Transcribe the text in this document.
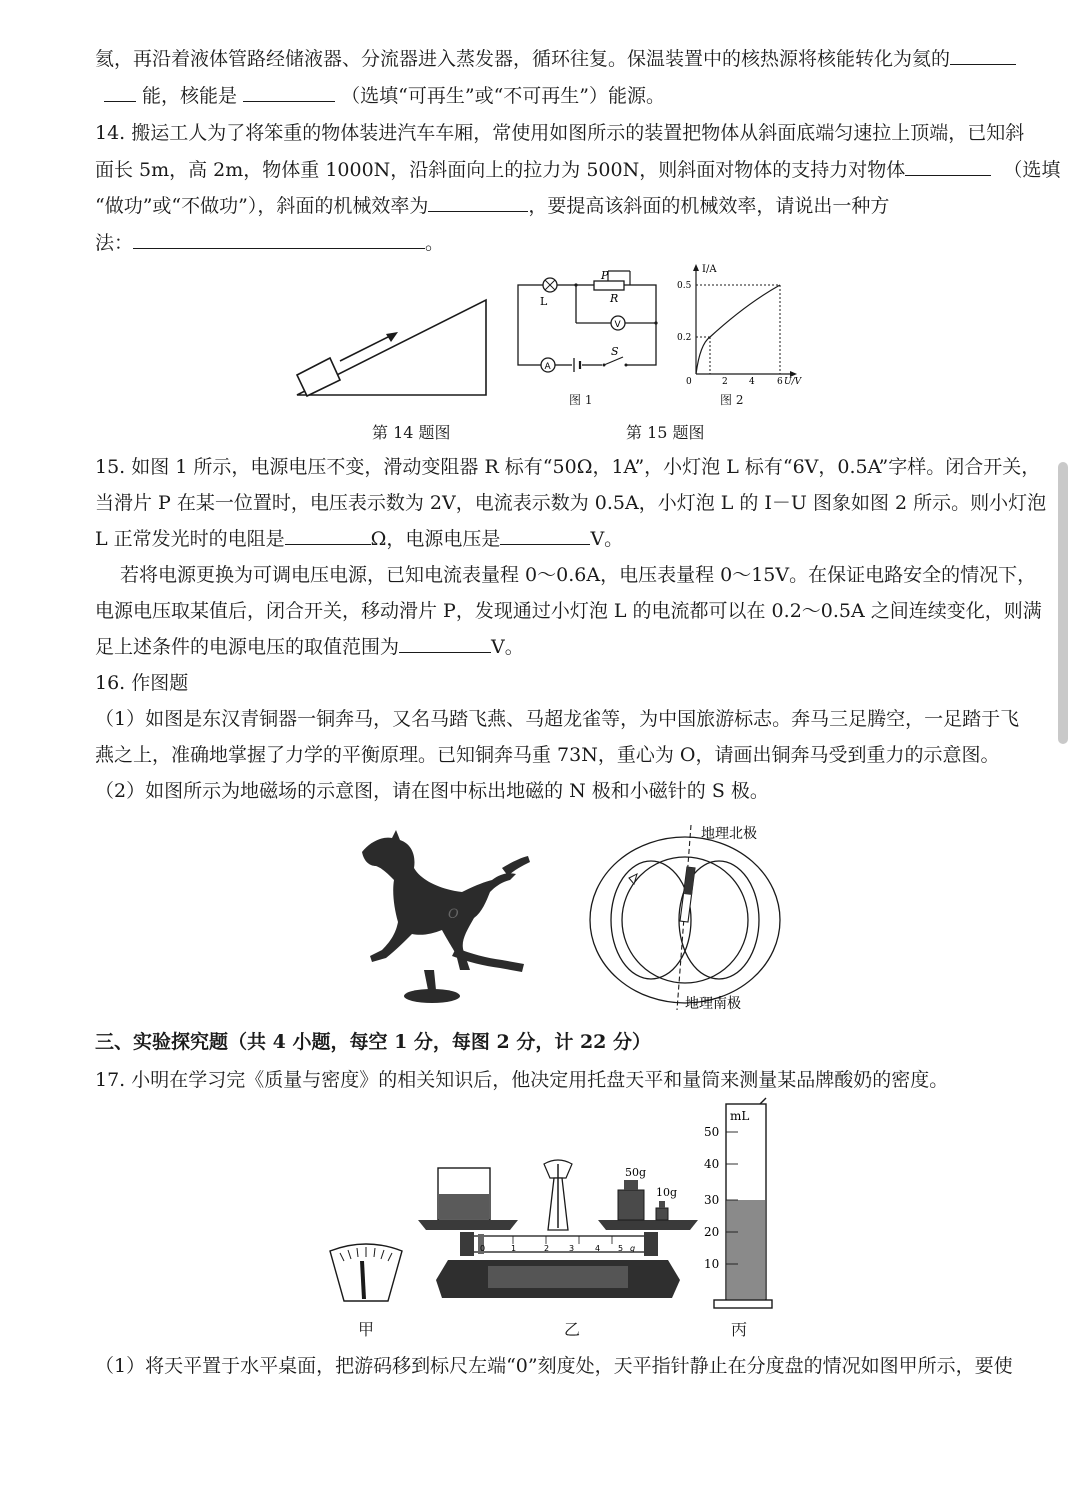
氦，再沿着液体管路经储液器、分流器进入蒸发器，循环往复。保温装置中的核热源将核能转化为氦的
能，核能是	（选填“可再生”或“不可再生”）能源。
14. 搬运工人为了将笨重的物体装进汽车车厢，常使用如图所示的装置把物体从斜面底端匀速拉上顶端，已知斜
面长 5m，高 2m，物体重 1000N，沿斜面向上的拉力为 500N，则斜面对物体的支持力对物体	（选填
“做功”或“不做功”），斜面的机械效率为	，要提高该斜面的机械效率，请说出一种方
法：	。
第 14 题图
L
P
R
V
A
S
图 1
I/A
0.5
0.2
0	2 4 6 U/V
图 2
第 15 题图
15. 如图 1 所示，电源电压不变，滑动变阻器 R 标有“50Ω，1A”，小灯泡 L 标有“6V，0.5A”字样。闭合开关，
当滑片 P 在某一位置时，电压表示数为 2V，电流表示数为 0.5A，小灯泡 L 的 I－U 图象如图 2 所示。则小灯泡
L 正常发光时的电阻是	Ω，电源电压是	V。
若将电源更换为可调电压电源，已知电流表量程 0～0.6A，电压表量程 0～15V。在保证电路安全的情况下，
电源电压取某值后，闭合开关，移动滑片 P，发现通过小灯泡 L 的电流都可以在 0.2～0.5A 之间连续变化，则满
足上述条件的电源电压的取值范围为	V。
16. 作图题
（1）如图是东汉青铜器一铜奔马，又名马踏飞燕、马超龙雀等，为中国旅游标志。奔马三足腾空，一足踏于飞
燕之上，准确地掌握了力学的平衡原理。已知铜奔马重 73N，重心为 O，请画出铜奔马受到重力的示意图。
（2）如图所示为地磁场的示意图，请在图中标出地磁的 N 极和小磁针的 S 极。
O
地理北极
地理南极
三、实验探究题（共 4 小题，每空 1 分，每图 2 分，计 22 分）
17. 小明在学习完《质量与密度》的相关知识后，他决定用托盘天平和量筒来测量某品牌酸奶的密度。
甲
50g
10g
0	1	2 3	4 5 g
乙
mL
50
40
30
20
10
丙
（1）将天平置于水平桌面，把游码移到标尺左端“0”刻度处，天平指针静止在分度盘的情况如图甲所示，要使
